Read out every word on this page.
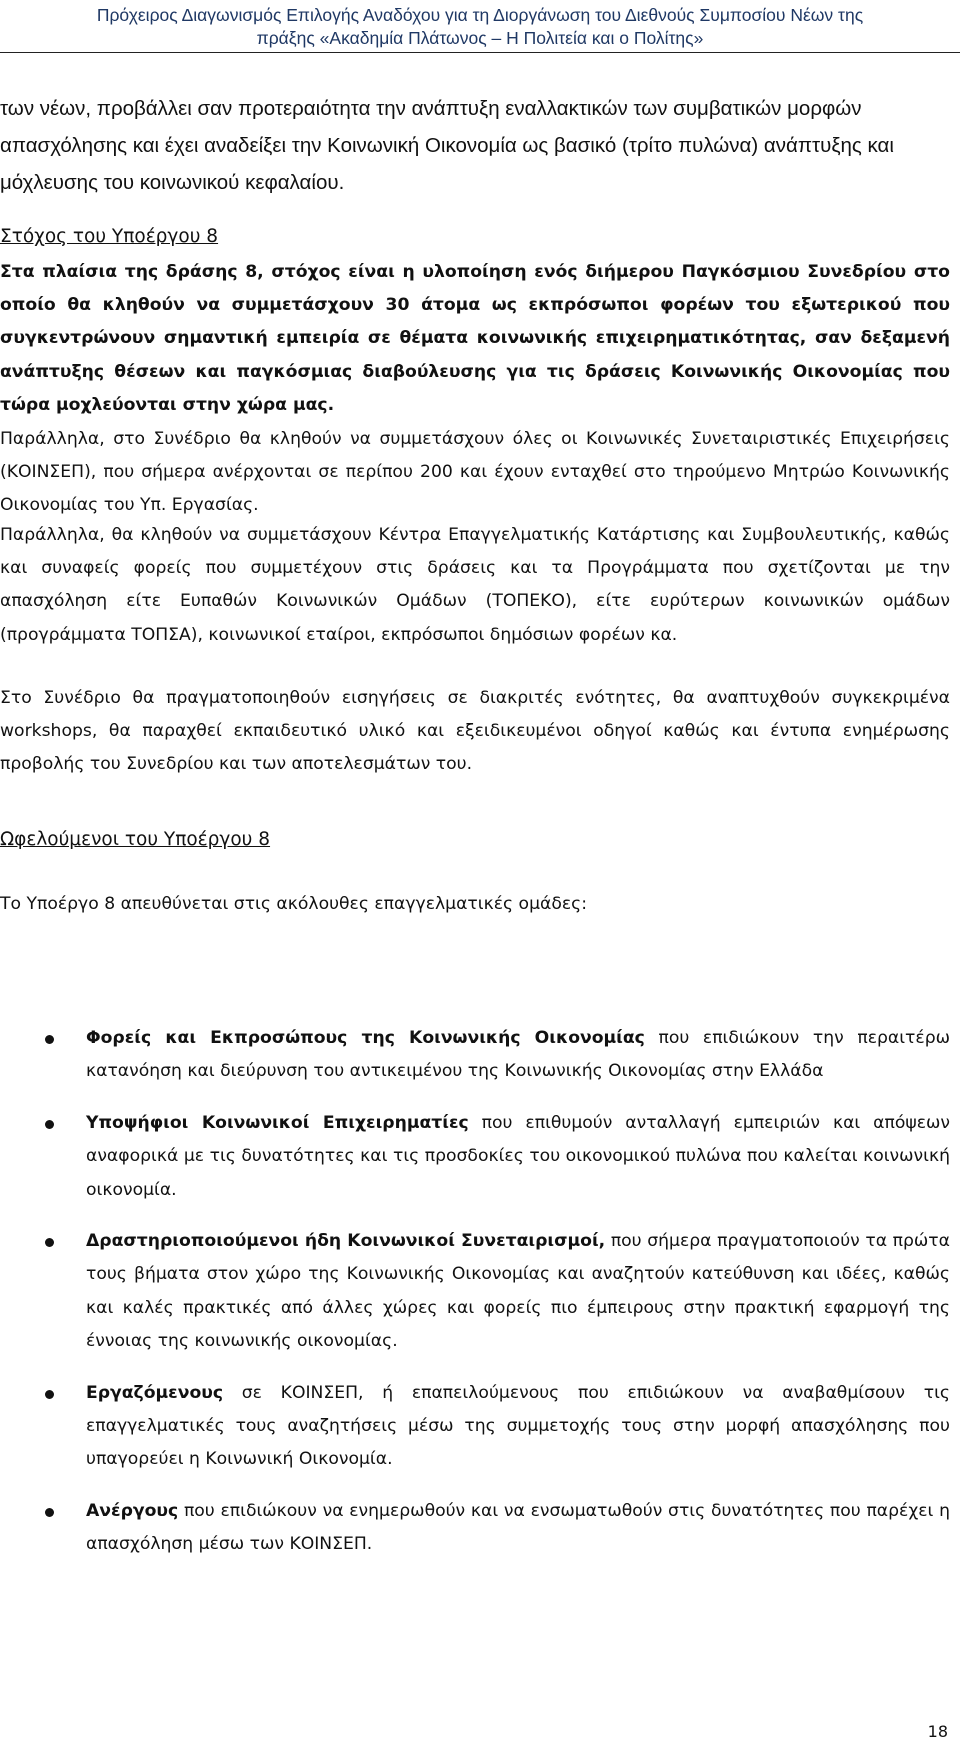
Πρόχειρος Διαγωνισμός Επιλογής Αναδόχου για τη Διοργάνωση του Διεθνούς Συμποσίου Νέων της
πράξης «Ακαδημία Πλάτωνος – Η Πολιτεία και ο Πολίτης»
των νέων, προβάλλει σαν προτεραιότητα την ανάπτυξη εναλλακτικών των συμβατικών μορφών απασχόλησης και έχει αναδείξει την Κοινωνική Οικονομία ως βασικό (τρίτο πυλώνα) ανάπτυξης και μόχλευσης του κοινωνικού κεφαλαίου.
Στόχος του Υποέργου 8
Στα πλαίσια της δράσης 8, στόχος είναι η υλοποίηση ενός διήμερου Παγκόσμιου Συνεδρίου στο οποίο θα κληθούν να συμμετάσχουν 30 άτομα ως εκπρόσωποι φορέων του εξωτερικού που συγκεντρώνουν σημαντική εμπειρία σε θέματα κοινωνικής επιχειρηματικότητας, σαν δεξαμενή ανάπτυξης θέσεων και παγκόσμιας διαβούλευσης για τις δράσεις Κοινωνικής Οικονομίας που τώρα μοχλεύονται στην χώρα μας.
Παράλληλα, στο Συνέδριο θα κληθούν να συμμετάσχουν όλες οι Κοινωνικές Συνεταιριστικές Επιχειρήσεις (ΚΟΙΝΣΕΠ), που σήμερα ανέρχονται σε περίπου 200 και έχουν ενταχθεί στο τηρούμενο Μητρώο Κοινωνικής Οικονομίας του Υπ. Εργασίας.
Παράλληλα, θα κληθούν να συμμετάσχουν Κέντρα Επαγγελματικής Κατάρτισης και Συμβουλευτικής, καθώς και συναφείς φορείς που συμμετέχουν στις δράσεις και τα Προγράμματα που σχετίζονται με την απασχόληση είτε Ευπαθών Κοινωνικών Ομάδων (ΤΟΠΕΚΟ), είτε ευρύτερων κοινωνικών ομάδων (προγράμματα ΤΟΠΣΑ), κοινωνικοί εταίροι, εκπρόσωποι δημόσιων φορέων κα.
Στο Συνέδριο θα πραγματοποιηθούν εισηγήσεις σε διακριτές ενότητες, θα αναπτυχθούν συγκεκριμένα workshops, θα παραχθεί εκπαιδευτικό υλικό και εξειδικευμένοι οδηγοί καθώς και έντυπα ενημέρωσης προβολής του Συνεδρίου και των αποτελεσμάτων του.
Ωφελούμενοι του Υποέργου 8
Το Υποέργο 8 απευθύνεται στις ακόλουθες επαγγελματικές ομάδες:
Φορείς και Εκπροσώπους της Κοινωνικής Οικονομίας που επιδιώκουν την περαιτέρω κατανόηση και διεύρυνση του αντικειμένου της Κοινωνικής Οικονομίας στην Ελλάδα
Υποψήφιοι Κοινωνικοί Επιχειρηματίες που επιθυμούν ανταλλαγή εμπειριών και απόψεων αναφορικά με τις δυνατότητες και τις προσδοκίες του οικονομικού πυλώνα που καλείται κοινωνική οικονομία.
Δραστηριοποιούμενοι ήδη Κοινωνικοί Συνεταιρισμοί, που σήμερα πραγματοποιούν τα πρώτα τους βήματα στον χώρο της Κοινωνικής Οικονομίας και αναζητούν κατεύθυνση και ιδέες, καθώς και καλές πρακτικές από άλλες χώρες και φορείς πιο έμπειρους στην πρακτική εφαρμογή της έννοιας της κοινωνικής οικονομίας.
Εργαζόμενους σε ΚΟΙΝΣΕΠ, ή επαπειλούμενους που επιδιώκουν να αναβαθμίσουν τις επαγγελματικές τους αναζητήσεις μέσω της συμμετοχής τους στην μορφή απασχόλησης που υπαγορεύει η Κοινωνική Οικονομία.
Ανέργους που επιδιώκουν να ενημερωθούν και να ενσωματωθούν στις δυνατότητες που παρέχει η απασχόληση μέσω των ΚΟΙΝΣΕΠ.
18
